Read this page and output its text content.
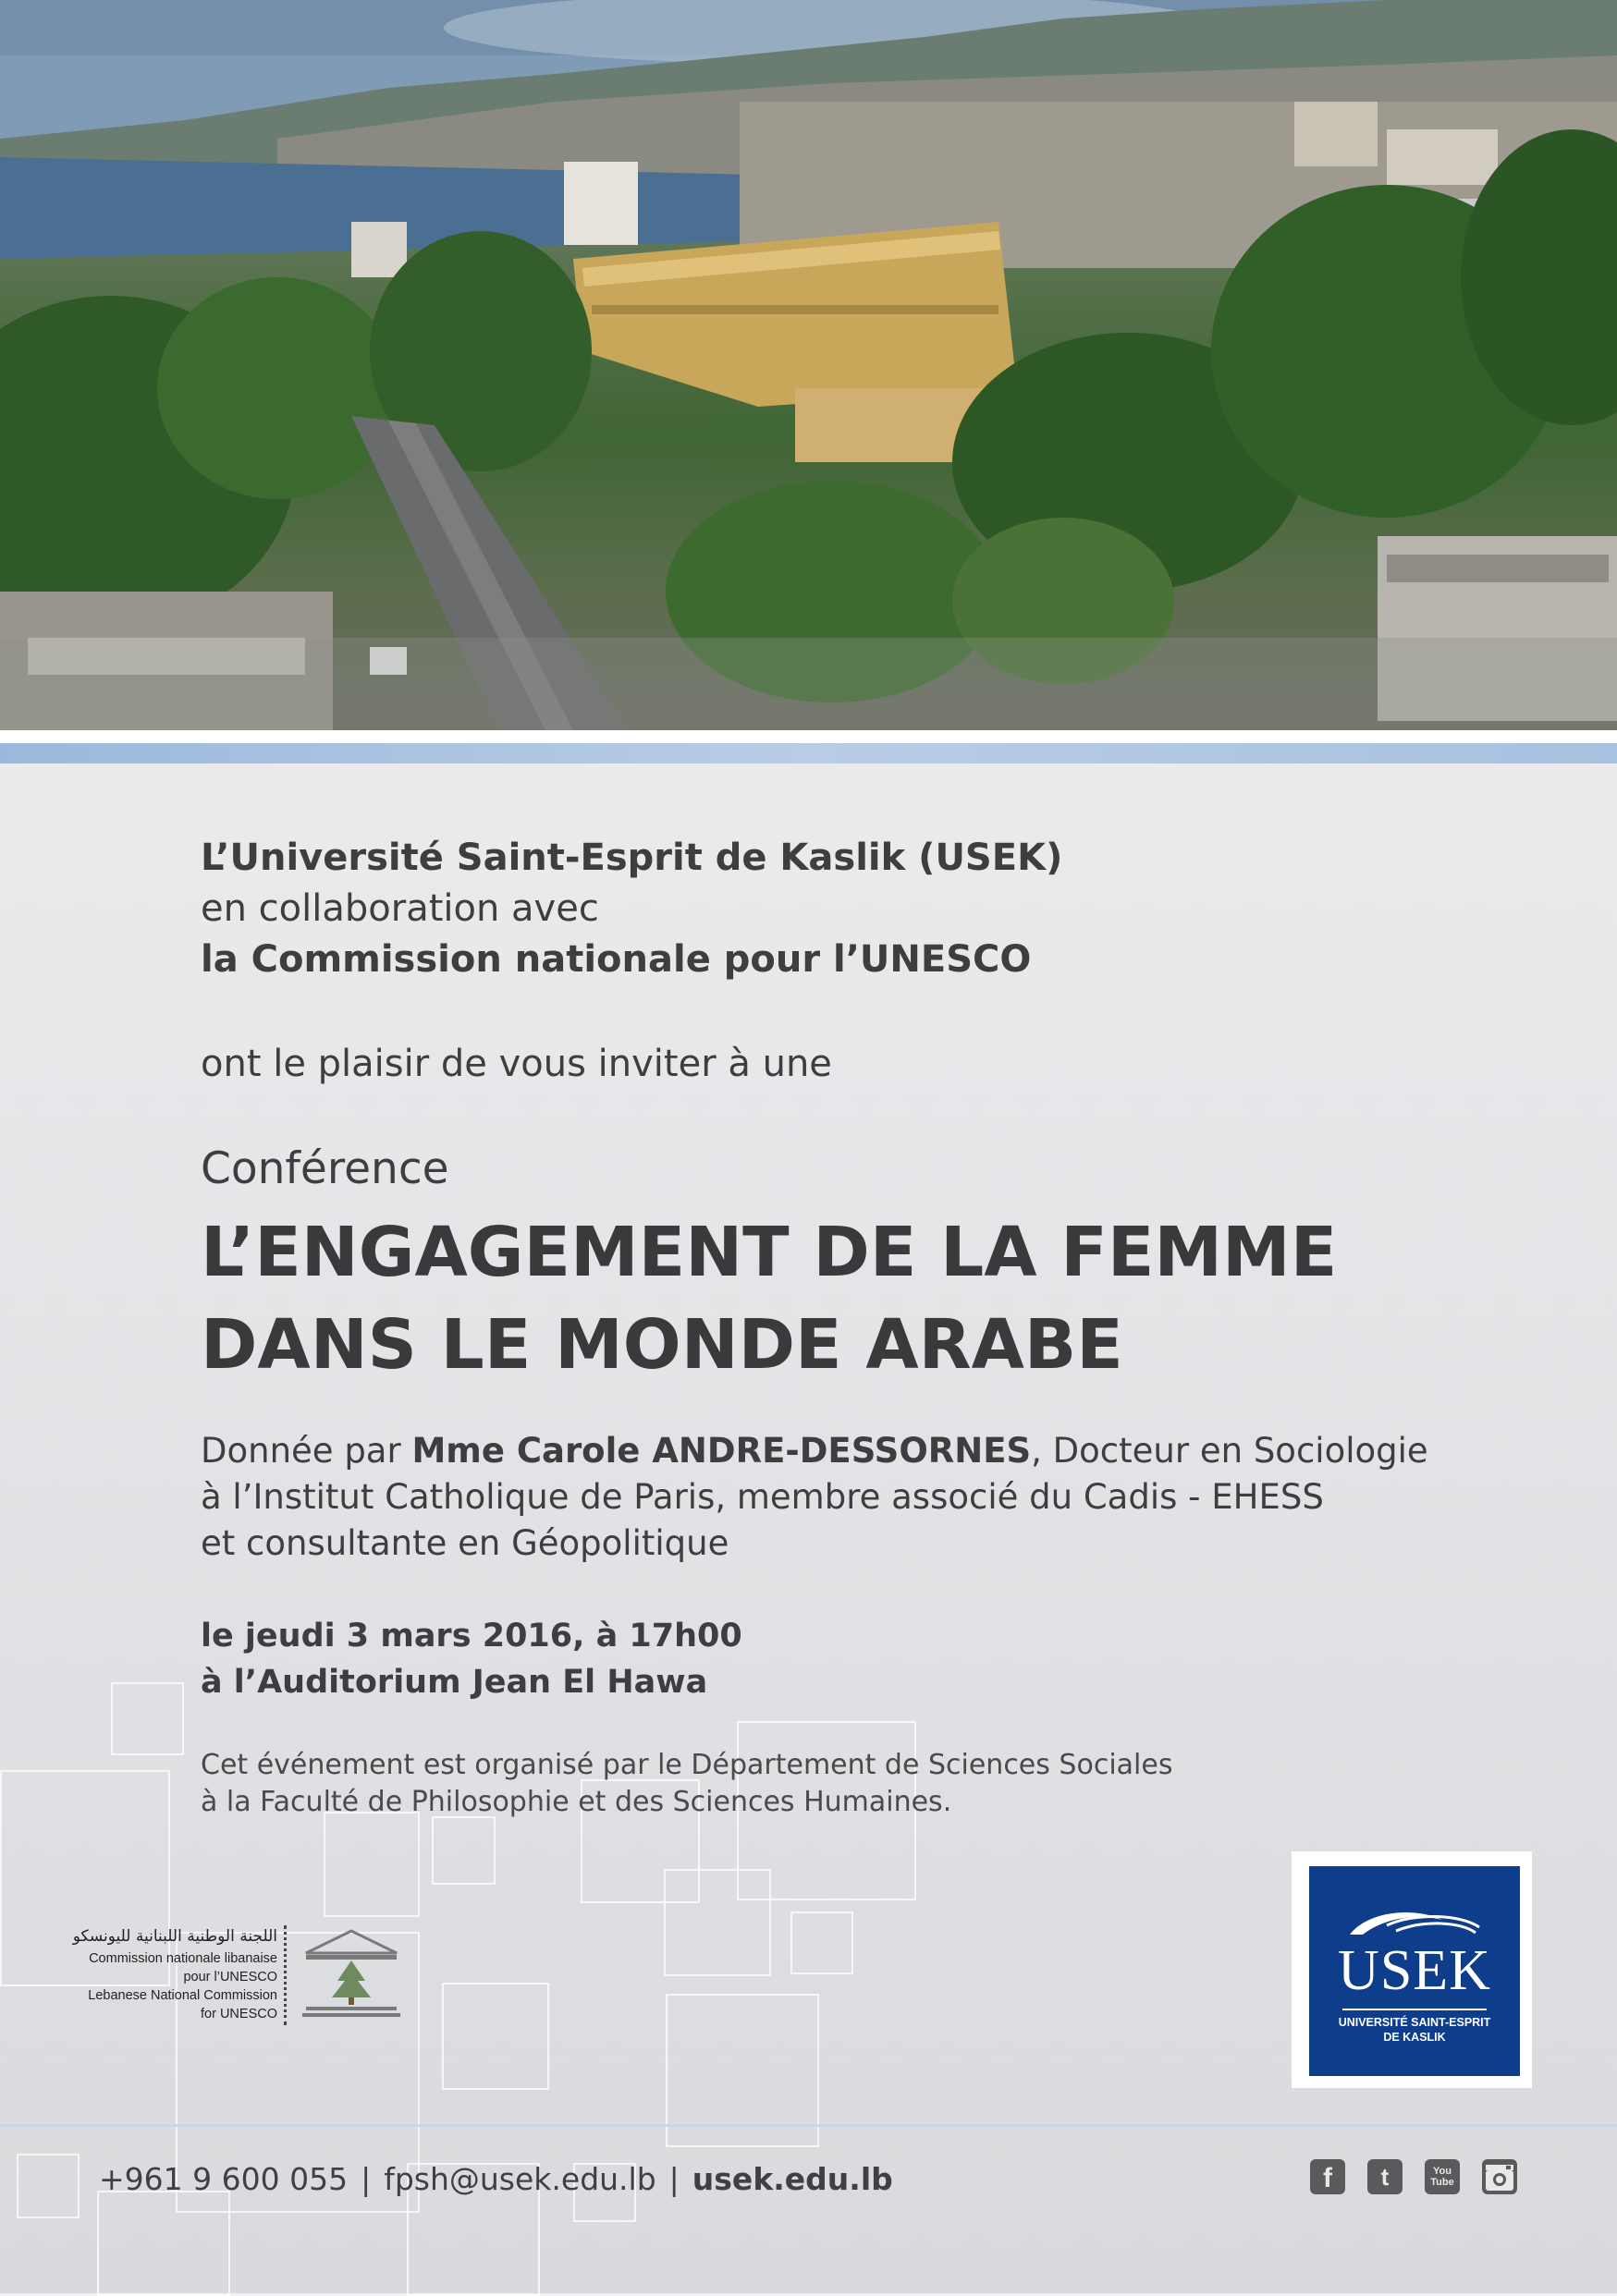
L’Université Saint-Esprit de Kaslik (USEK)
en collaboration avec
la Commission nationale pour l’UNESCO
ont le plaisir de vous inviter à une
Conférence
L’ENGAGEMENT DE LA FEMME
DANS LE MONDE ARABE
Donnée par Mme Carole ANDRE-DESSORNES, Docteur en Sociologie
à l’Institut Catholique de Paris, membre associé du Cadis - EHESS
et consultante en Géopolitique
le jeudi 3 mars 2016, à 17h00
à l’Auditorium Jean El Hawa
Cet événement est organisé par le Département de Sciences Sociales
à la Faculté de Philosophie et des Sciences Humaines.
اللجنة الوطنية اللبنانية لليونسكو
Commission nationale libanaise
pour l’UNESCO
Lebanese National Commission
for UNESCO
USEK
UNIVERSITÉ SAINT-ESPRIT
DE KASLIK
+961 9 600 055 | fpsh@usek.edu.lb | usek.edu.lb	f	t	You
Tube
